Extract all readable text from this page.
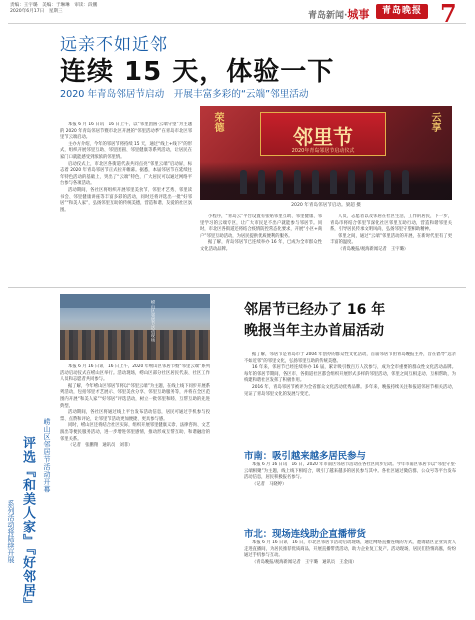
责编：王宇璐　美编：于琳琳　审读：段鹏
2020年6月17日　星期三	青岛新闻·城事	青岛晚报 7
远亲不如近邻
连续 15 天，体验一下
2020 年青岛邻居节启动　开展丰富多彩的“云端”邻里活动

本报 6 月 16 日讯　16 日上午，以“邻里团圆·云端守望”为主题的 2020 年青岛邻居节暨市北区开展的“邻里活动季”在青岛市北区邻里节云端启动。

主办方介绍，今年的邻居节将持续 15 天，通过“线上+线下”的形式，组织开展邻里互助、邻里团圆、邻里健康等系列活动，让居民在家门口就能感受到浓浓的邻里情。

启动仪式上，市北区各街道代表共同点亮“邻里云端”启动屏，标志着 2020 年青岛邻居节正式拉开帷幕。据悉，本届邻居节在延续往年特色活动的基础上，突出了“云端”特色，广大居民可以通过网络平台参与各项活动。

活动期间，各社区将组织开展邻里美食节、邻里才艺秀、邻里读书会、邻里健康讲座等丰富多彩的活动，同时还将评选出一批“好邻居”“和美人家”，弘扬邻里互助的传统美德，营造和谐、友爱的社区氛围。

荣德	云享
邻里节
2020年青岛邻居节启动仪式
2020 年青岛邻居节启动。梁超 摄

小程序，“青岛云”平台设置有张贴邻里互助、邻里健康、邻里学习的云端专区，让广大市民足不出户就能参与邻居节。同时，市北区各街道还将结合疫情防控常态化要求，开展“小区+商户”邻里互助活动，为居民提供优质便利的服务。

据了解，青岛邻居节已连续举办 16 年，已成为全市群众性文化活动品牌。

人员、志愿者以及邻居在社区生活，工作的居民，下一步，青岛市将结合邻里节深化社区邻里互助行动，营造和谐邻里关系，引导居民传承文明风尚，弘扬邻里守望相助精神。

邻里之间，通过“云端”邻里活动的开展，在新时代里有了更丰富的温度。

（青岛晚报/观海新闻记者　王宇璐）

崂山区邻居节活动现场
崂山区邻居节活动开幕
评选『和美人家』『好邻居』
系列活动将陆续开展

本报 6 月 16 日讯　16 日上午，2020 年崂山区邻居节暨“邻里云端”系列活动启动仪式在崂山区举行。活动现场，崂山区部分社区居民代表、社区工作人员和志愿者共同参与。

据了解，今年崂山区邻居节将以“邻里云端”为主题，在线上线下同步开展系列活动，包括邻里才艺展示、邻里美食分享、邻里互助服务等，并将在全区范围内开展“和美人家”“好邻居”评选活动，树立一批邻里和睦、互帮互助的先进典型。

活动期间，各社区将通过线上平台发布活动信息，居民可通过手机参与投票、点赞和评论，让邻里节活动更加便捷、更具参与感。

同时，崂山区还将结合社区实际，组织开展邻里健康义诊、法律咨询、文艺演出等便民服务活动，进一步增进邻里感情，推动形成互帮互助、和谐融洽的邻里关系。

（记者　张鹏翔　通讯员　刘菲）

邻居节已经办了 16 年
晚报当年主办首届活动

据了解，邻居节是青岛市于 2004 年创办的群众性文化活动，首届邻居节由青岛晚报主办，旨在倡导“远亲不如近邻”的邻里文化，弘扬邻里互助的传统美德。

16 年来，邻居节已经连续举办 16 届，累计吸引数百万人次参与，成为全市重要的群众性文化活动品牌。每年的邻居节期间，各区市、各街道社区都会组织开展形式多样的邻里活动，邻里之间互相走动、互相帮助，为构建和谐社区发挥了积极作用。

2016 年，青岛邻居节被评为全省群众文化活动优秀品牌。多年来，晚报持续关注和报道邻居节相关活动，见证了青岛邻里文化的发展与变迁。

市南：吸引越来越多居民参与

本报 6 月 16 日讯　16 日，2020 年市南区邻居节活动在各社区同步启动。今年市南区邻居节以“邻里守望·云端相聚”为主题，线上线下相结合，吸引了越来越多的居民参与其中。各社区通过微信群、公众号等平台发布活动信息，居民积极报名参与。

（记者　马晓婷）

市北：现场连线助企直播带货

本报 6 月 16 日讯　16 日，市北区邻居节活动启动现场，通过网络直播连线的方式，邀请辖区企业负责人走进直播间，为居民推荐优质商品，开展直播带货活动，助力企业复工复产。活动现场，居民们热情高涨，纷纷通过手机参与互动。

（青岛晚报/观海新闻记者　王宇璐　通讯员　王金雨）
